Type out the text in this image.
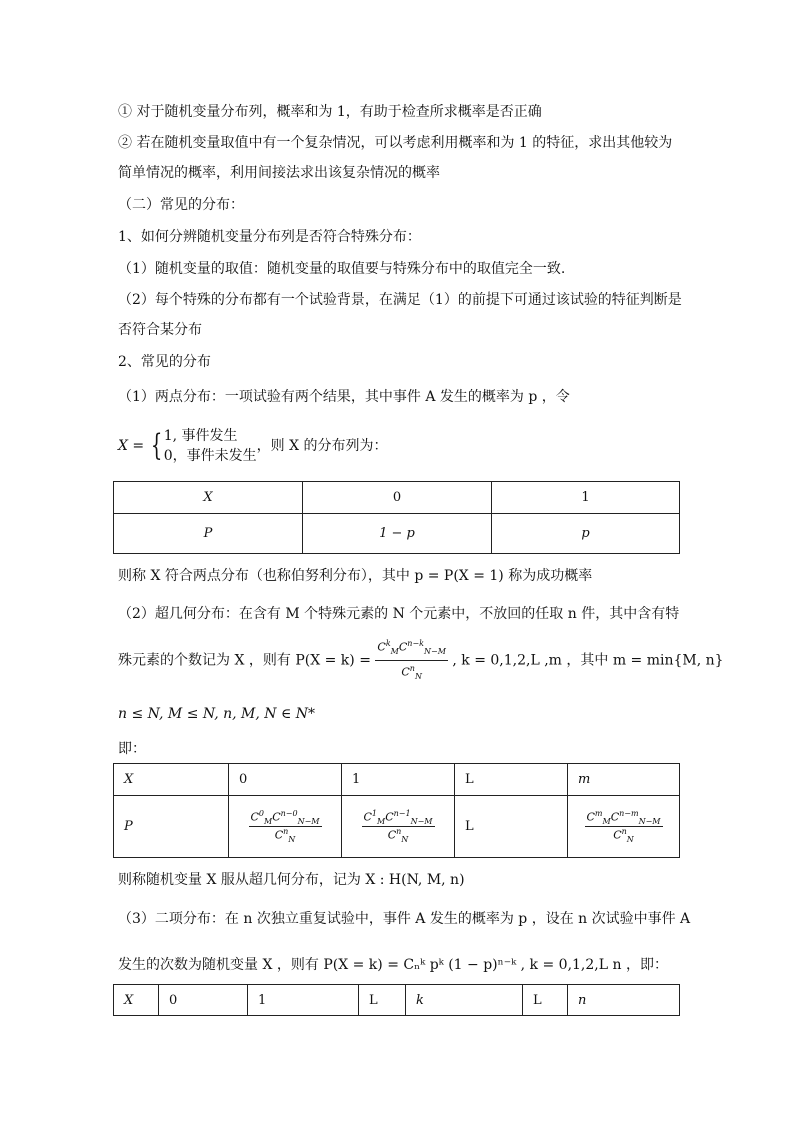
① 对于随机变量分布列，概率和为 1，有助于检查所求概率是否正确
② 若在随机变量取值中有一个复杂情况，可以考虑利用概率和为 1 的特征，求出其他较为
简单情况的概率，利用间接法求出该复杂情况的概率
（二）常见的分布：
1、如何分辨随机变量分布列是否符合特殊分布：
（1）随机变量的取值：随机变量的取值要与特殊分布中的取值完全一致.
（2）每个特殊的分布都有一个试验背景，在满足（1）的前提下可通过该试验的特征判断是
否符合某分布
2、常见的分布
（1）两点分布：一项试验有两个结果，其中事件 A 发生的概率为 p ，令
X = { 1, 事件发生
0，事件未发生
，则 X 的分布列为：
X	0	1
P	1 − p	p
则称 X 符合两点分布（也称伯努利分布），其中 p = P(X = 1) 称为成功概率
（2）超几何分布：在含有 M 个特殊元素的 N 个元素中，不放回的任取 n 件，其中含有特
殊元素的个数记为 X ，则有 $P(X = k) = \frac{C^k_MC^{n-k}_{N-M}}{C^n_N}$ , k = 0,1,2,L ,m ，其中 m = min{M, n}
n ≤ N, M ≤ N, n, M, N ∈ N*
即：
X	0	1	L	m
P	$\frac{C^0_MC^{n-0}_{N-M}}{C^n_N}$	$\frac{C^1_MC^{n-1}_{N-M}}{C^n_N}$	L	$\frac{C^m_MC^{n-m}_{N-M}}{C^n_N}$
则称随机变量 X 服从超几何分布，记为 X : H(N, M, n)
（3）二项分布：在 n 次独立重复试验中，事件 A 发生的概率为 p ，设在 n 次试验中事件 A
发生的次数为随机变量 X ，则有 P(X = k) = Cₙᵏ pᵏ (1 − p)ⁿ⁻ᵏ , k = 0,1,2,L n ，即：
X	0	1	L	k	L	n
